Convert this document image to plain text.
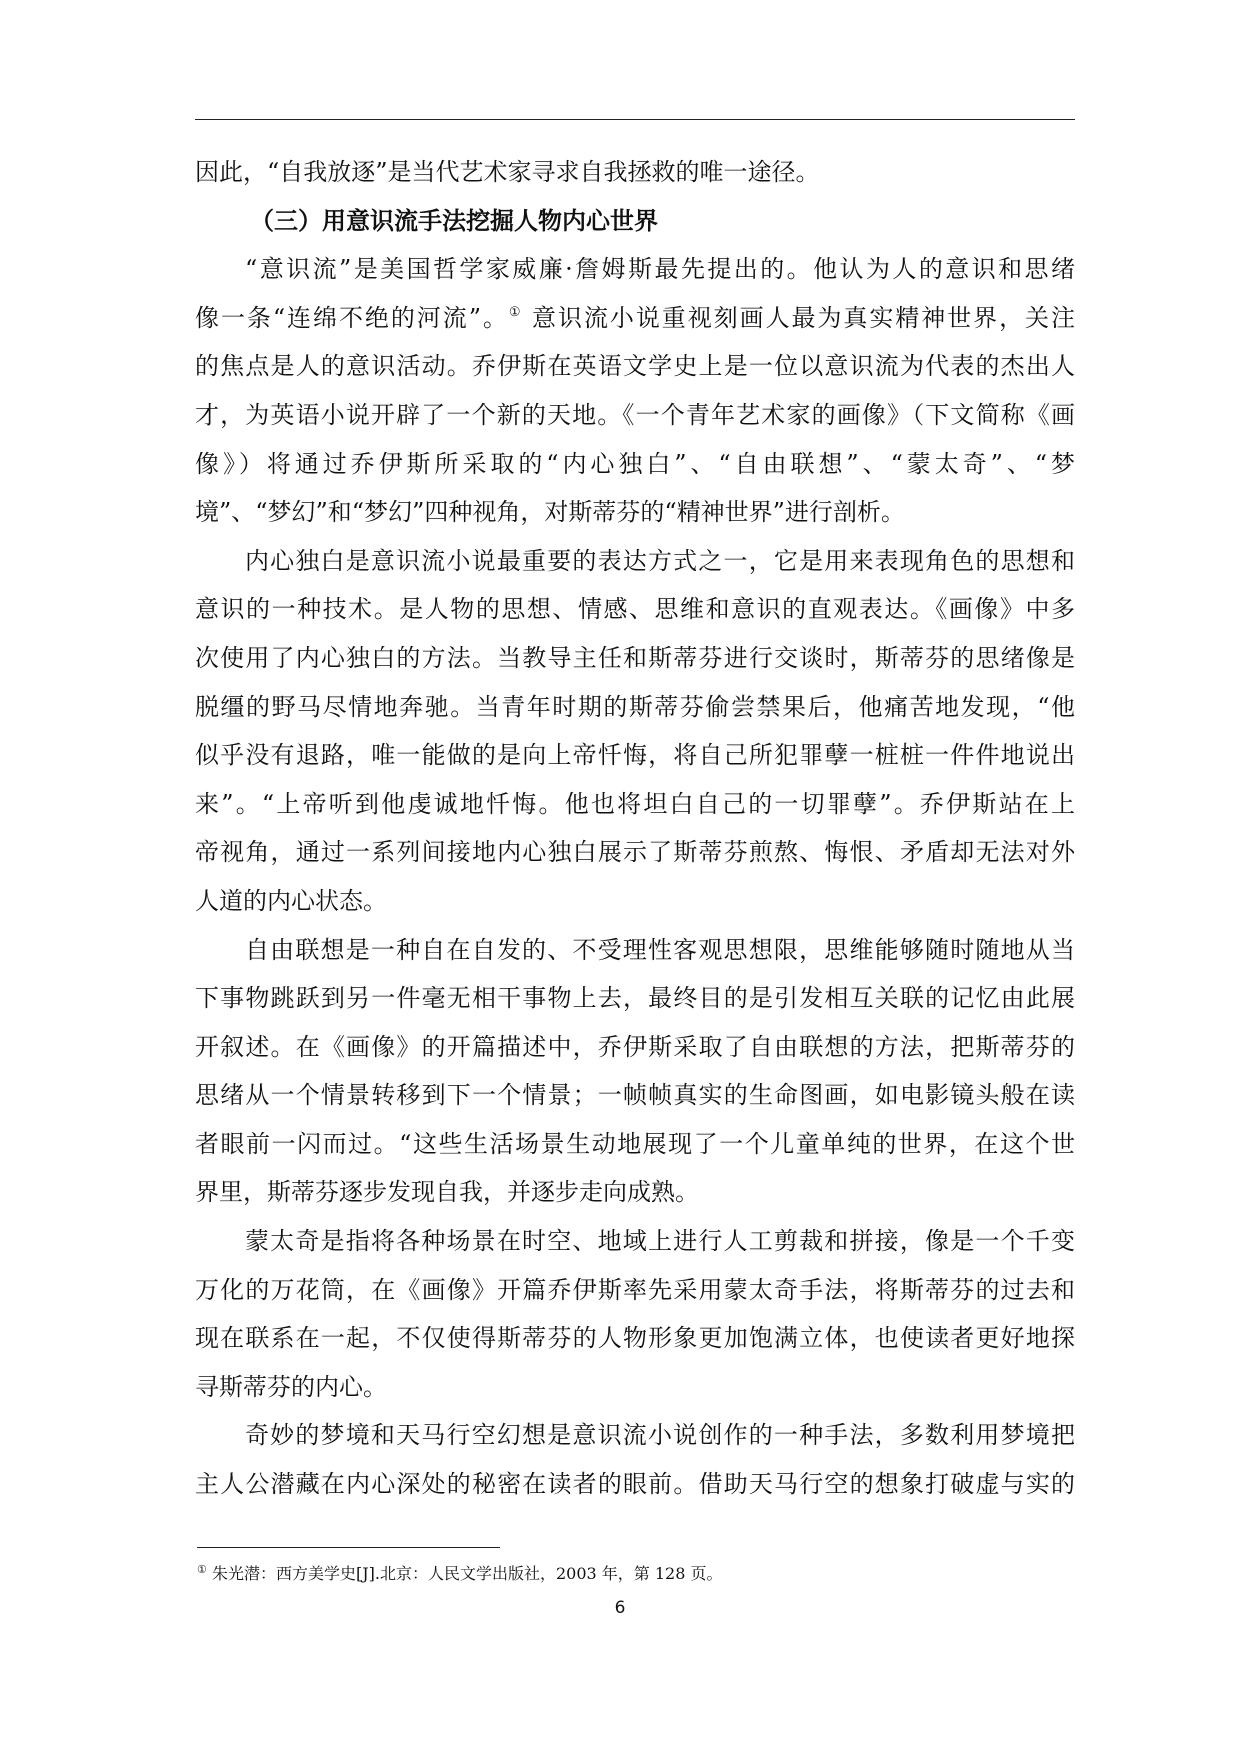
因此，“自我放逐”是当代艺术家寻求自我拯救的唯一途径。
（三）用意识流手法挖掘人物内心世界
“意识流”是美国哲学家威廉·詹姆斯最先提出的。他认为人的意识和思绪
像一条“连绵不绝的河流”。① 意识流小说重视刻画人最为真实精神世界，关注
的焦点是人的意识活动。乔伊斯在英语文学史上是一位以意识流为代表的杰出人
才，为英语小说开辟了一个新的天地。《一个青年艺术家的画像》（下文简称《画
像》）将通过乔伊斯所采取的“内心独白”、“自由联想”、“蒙太奇”、“梦
境”、“梦幻”和“梦幻”四种视角，对斯蒂芬的“精神世界”进行剖析。
内心独白是意识流小说最重要的表达方式之一，它是用来表现角色的思想和
意识的一种技术。是人物的思想、情感、思维和意识的直观表达。《画像》中多
次使用了内心独白的方法。当教导主任和斯蒂芬进行交谈时，斯蒂芬的思绪像是
脱缰的野马尽情地奔驰。当青年时期的斯蒂芬偷尝禁果后，他痛苦地发现，“他
似乎没有退路，唯一能做的是向上帝忏悔，将自己所犯罪孽一桩桩一件件地说出
来”。“上帝听到他虔诚地忏悔。他也将坦白自己的一切罪孽”。乔伊斯站在上
帝视角，通过一系列间接地内心独白展示了斯蒂芬煎熬、悔恨、矛盾却无法对外
人道的内心状态。
自由联想是一种自在自发的、不受理性客观思想限，思维能够随时随地从当
下事物跳跃到另一件毫无相干事物上去，最终目的是引发相互关联的记忆由此展
开叙述。在《画像》的开篇描述中，乔伊斯采取了自由联想的方法，把斯蒂芬的
思绪从一个情景转移到下一个情景；一帧帧真实的生命图画，如电影镜头般在读
者眼前一闪而过。“这些生活场景生动地展现了一个儿童单纯的世界，在这个世
界里，斯蒂芬逐步发现自我，并逐步走向成熟。
蒙太奇是指将各种场景在时空、地域上进行人工剪裁和拼接，像是一个千变
万化的万花筒，在《画像》开篇乔伊斯率先采用蒙太奇手法，将斯蒂芬的过去和
现在联系在一起，不仅使得斯蒂芬的人物形象更加饱满立体，也使读者更好地探
寻斯蒂芬的内心。
奇妙的梦境和天马行空幻想是意识流小说创作的一种手法，多数利用梦境把
主人公潜藏在内心深处的秘密在读者的眼前。借助天马行空的想象打破虚与实的
① 朱光潜：西方美学史[J].北京：人民文学出版社，2003 年，第 128 页。
6
